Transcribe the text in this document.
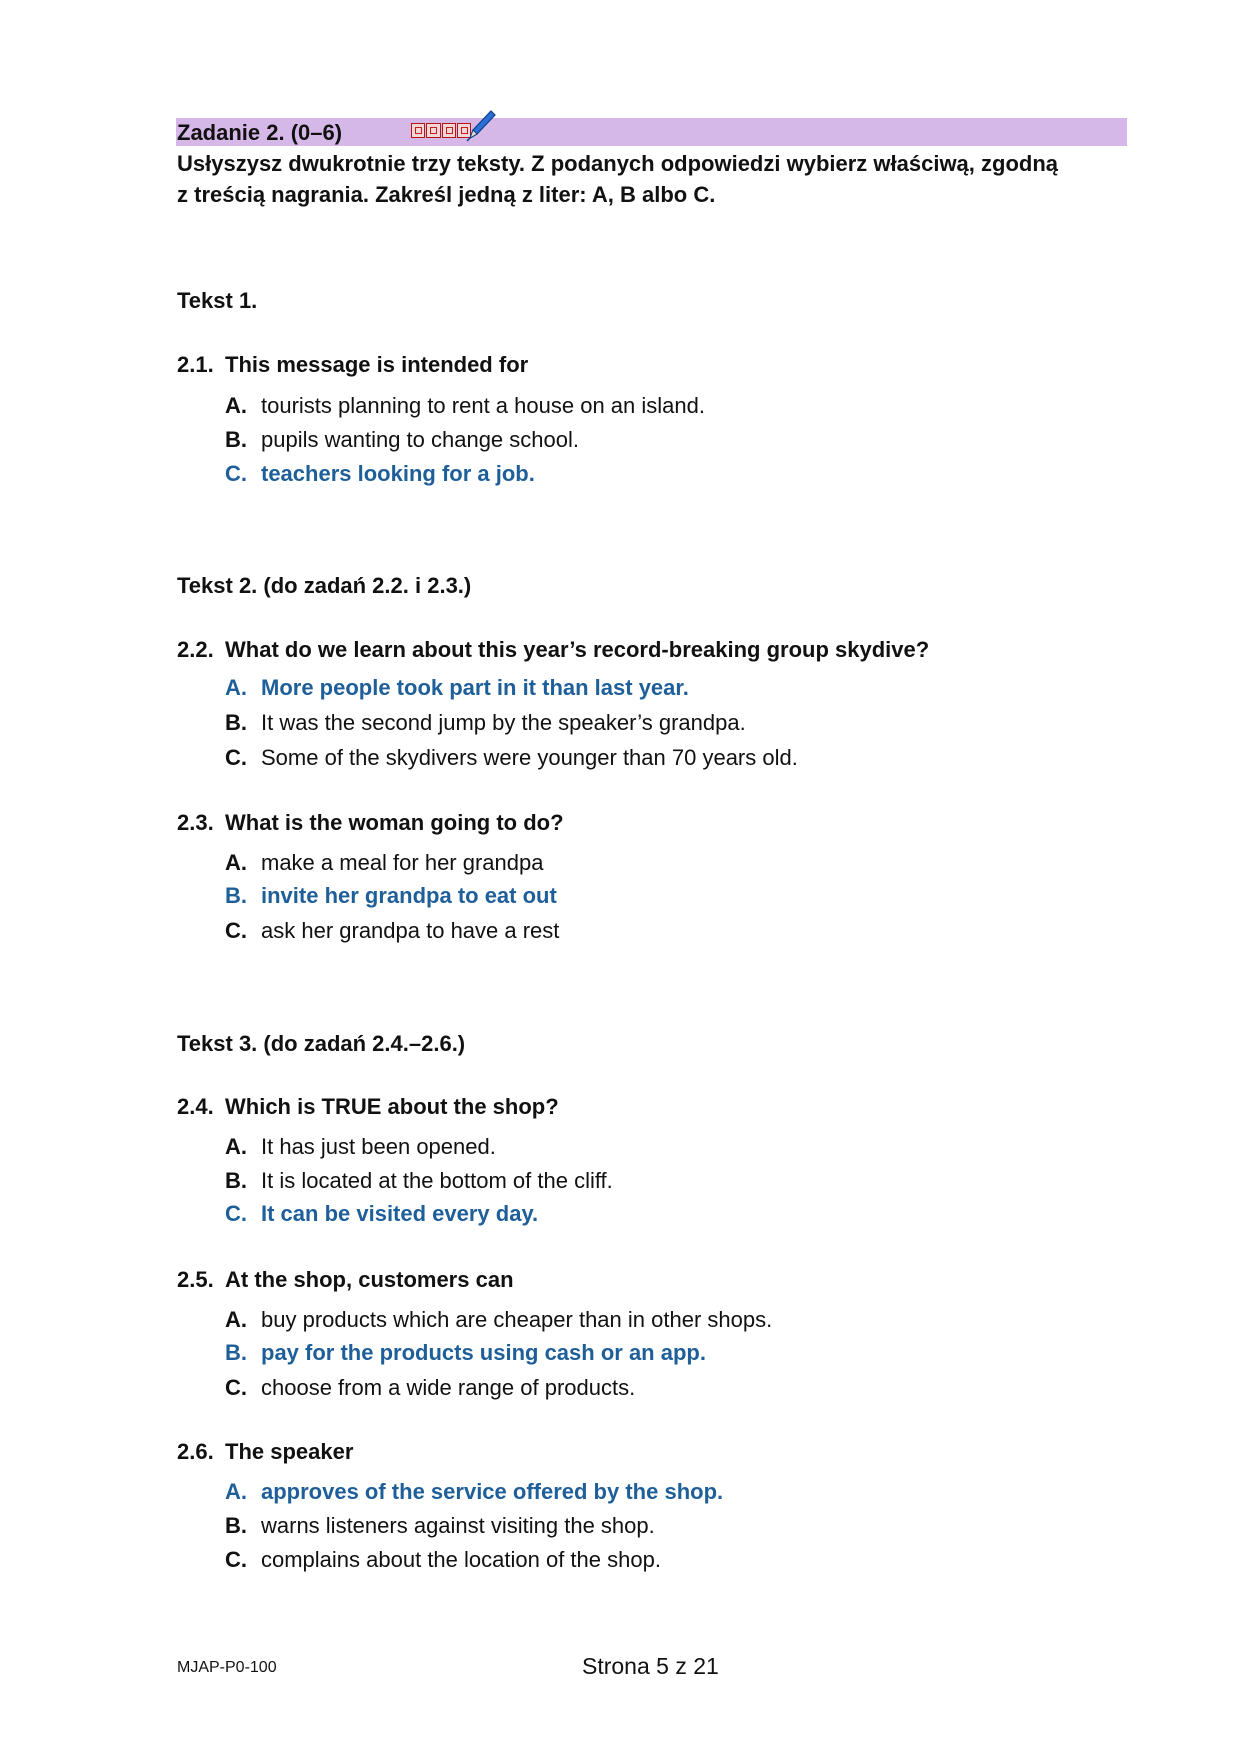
Zadanie 2. (0–6)
Usłyszysz dwukrotnie trzy teksty. Z podanych odpowiedzi wybierz właściwą, zgodną
z treścią nagrania. Zakreśl jedną z liter: A, B albo C.
Tekst 1.
2.1. This message is intended for
A. tourists planning to rent a house on an island.
B. pupils wanting to change school.
C. teachers looking for a job.
Tekst 2. (do zadań 2.2. i 2.3.)
2.2. What do we learn about this year’s record-breaking group skydive?
A. More people took part in it than last year.
B. It was the second jump by the speaker’s grandpa.
C. Some of the skydivers were younger than 70 years old.
2.3. What is the woman going to do?
A. make a meal for her grandpa
B. invite her grandpa to eat out
C. ask her grandpa to have a rest
Tekst 3. (do zadań 2.4.–2.6.)
2.4. Which is TRUE about the shop?
A. It has just been opened.
B. It is located at the bottom of the cliff.
C. It can be visited every day.
2.5. At the shop, customers can
A. buy products which are cheaper than in other shops.
B. pay for the products using cash or an app.
C. choose from a wide range of products.
2.6. The speaker
A. approves of the service offered by the shop.
B. warns listeners against visiting the shop.
C. complains about the location of the shop.
MJAP-P0-100	Strona 5 z 21
